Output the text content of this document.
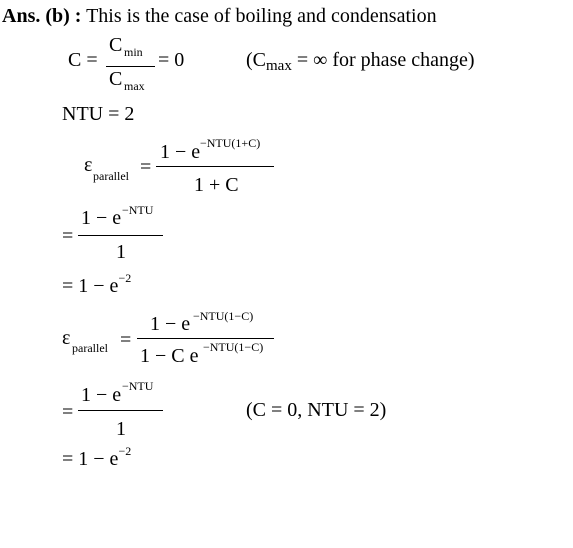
Ans. (b) : This is the case of boiling and condensation
C =
C min
C max
= 0	($C_{max}$ = ∞ for phase change)
NTU = 2
ε parallel =
1 − e −NTU(1+C)
1 + C
=
1 − e −NTU
1
= $1 - e^{-2}$
ε parallel =
1 − e −NTU(1−C)
1 − C e −NTU(1−C)
=
1 − e −NTU
1
(C = 0, NTU = 2)
= $1 - e^{-2}$
